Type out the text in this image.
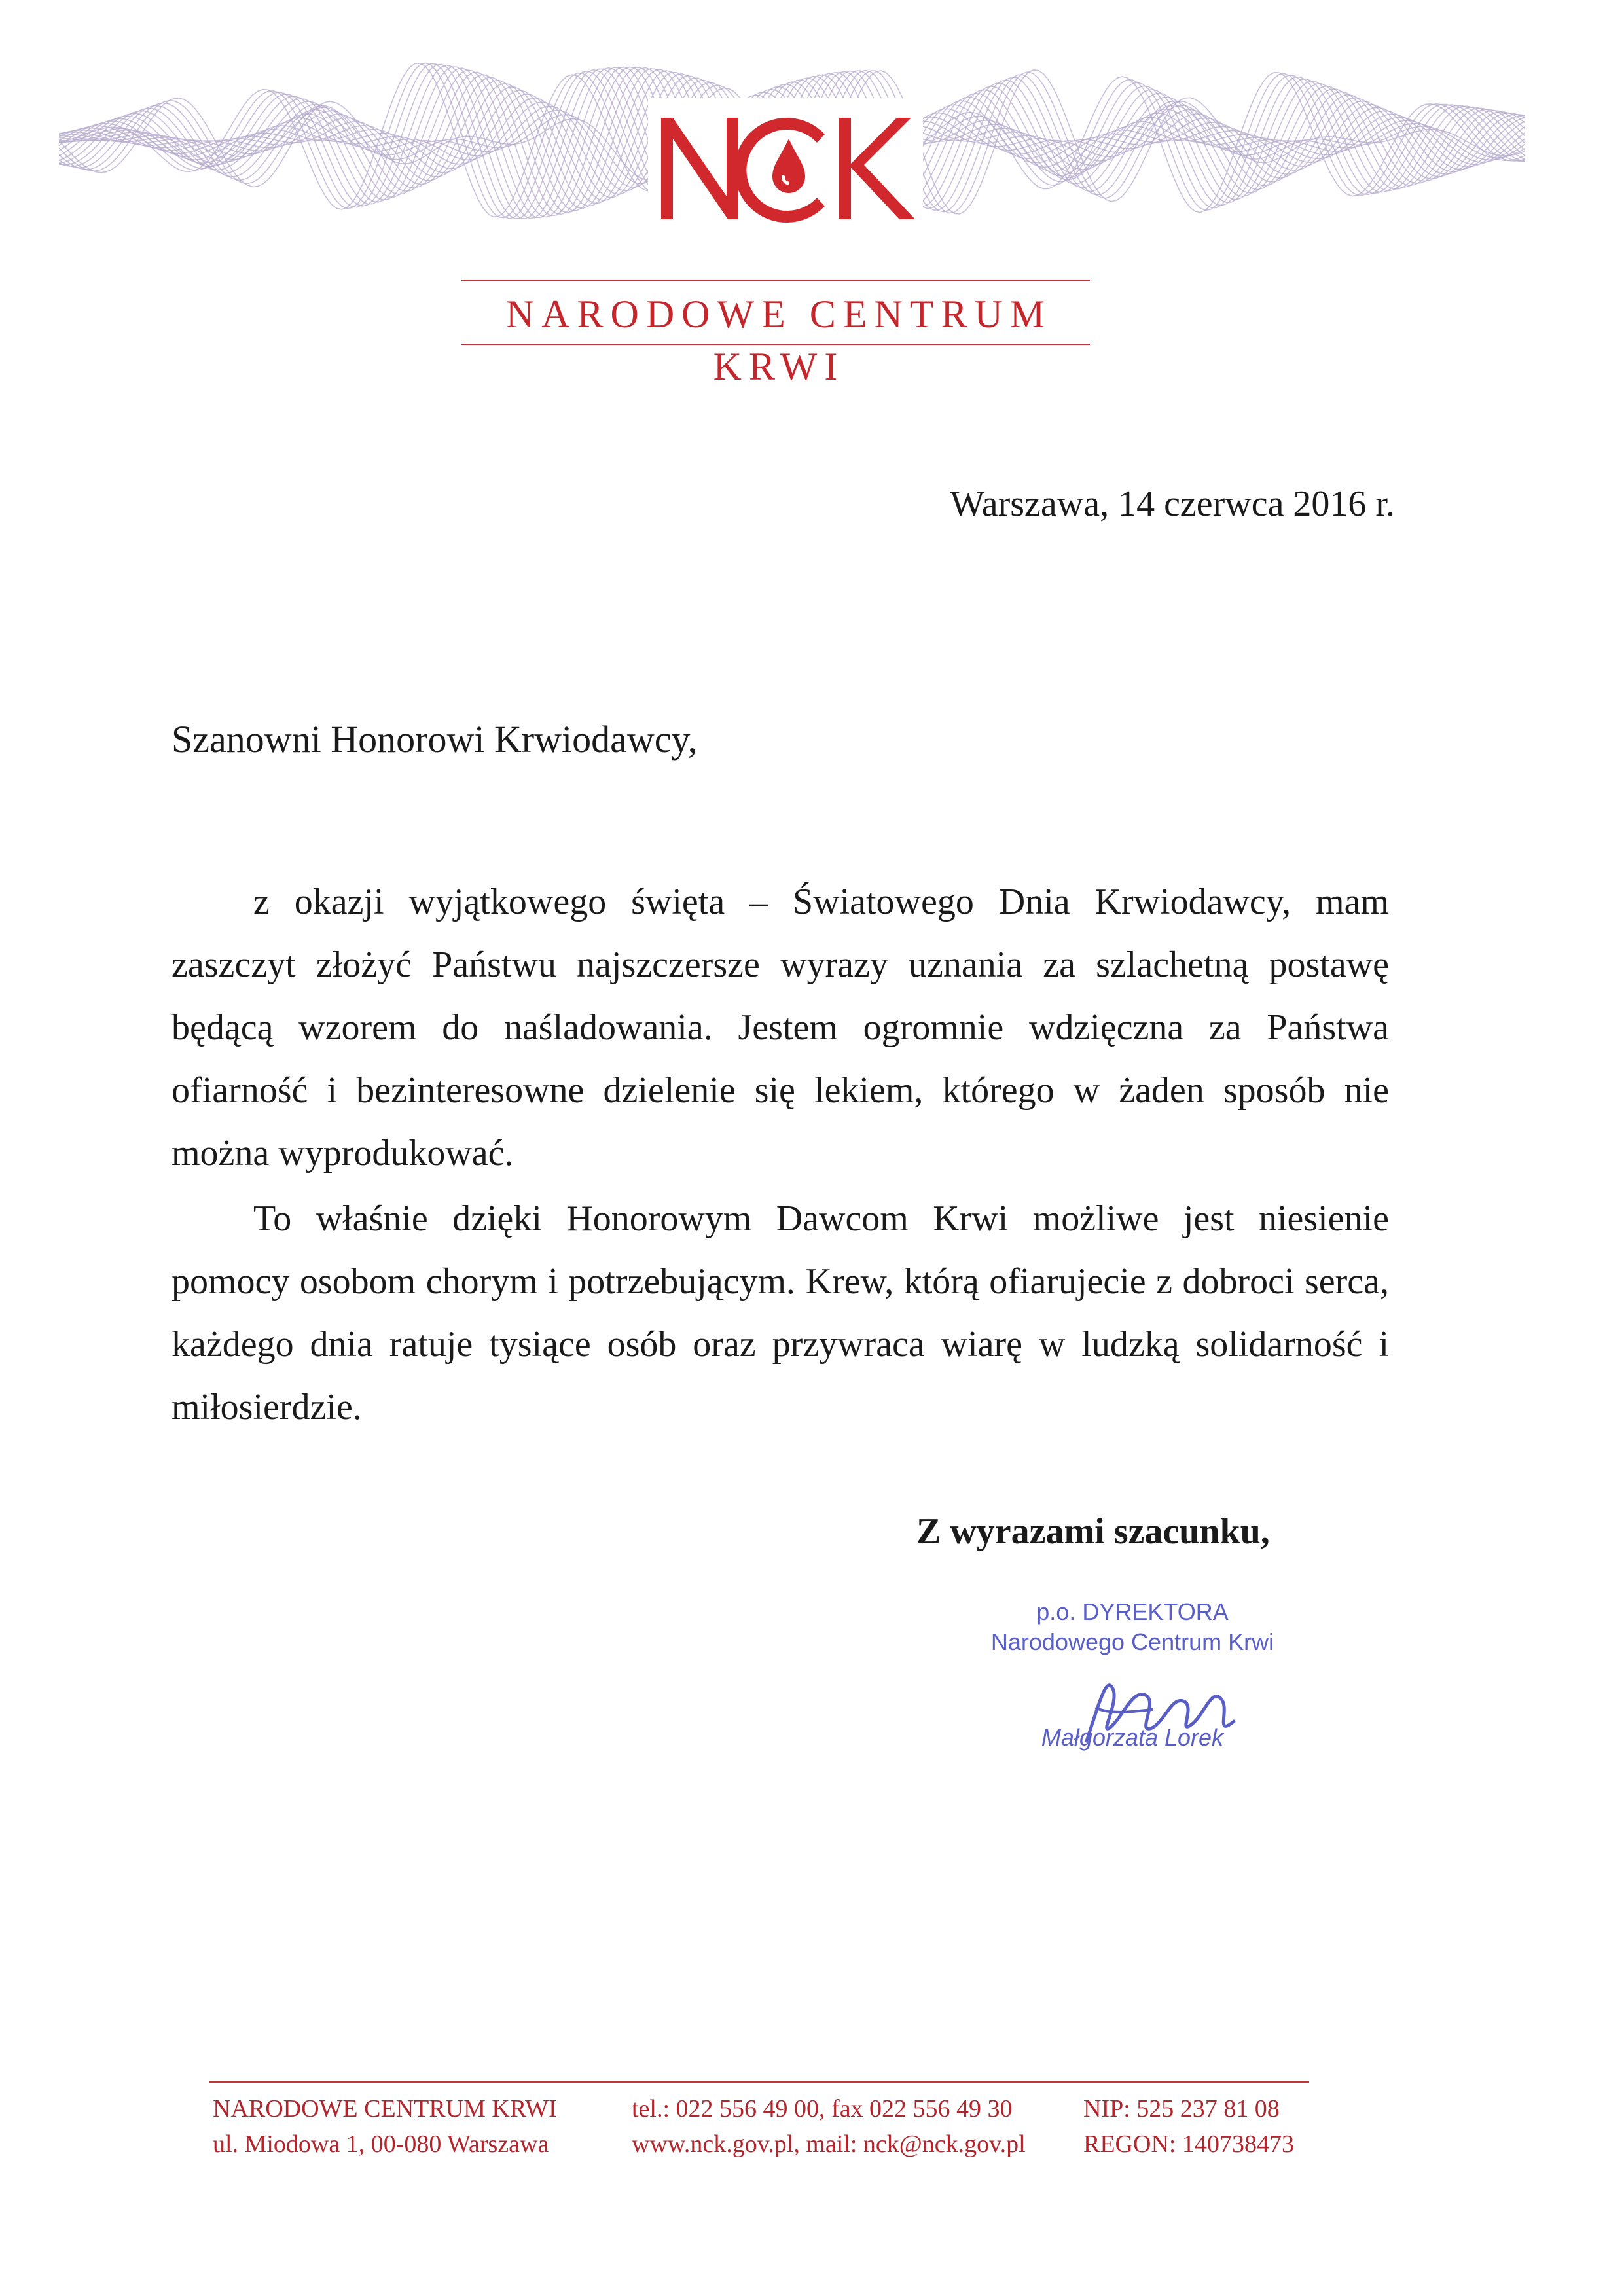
NARODOWE CENTRUM KRWI
Warszawa, 14 czerwca 2016 r.
Szanowni Honorowi Krwiodawcy,

z okazji wyjątkowego święta – Światowego Dnia Krwiodawcy, mam zaszczyt złożyć Państwu najszczersze wyrazy uznania za szlachetną postawę będącą wzorem do naśladowania. Jestem ogromnie wdzięczna za Państwa ofiarność i bezinteresowne dzielenie się lekiem, którego w żaden sposób nie można wyprodukować.

To właśnie dzięki Honorowym Dawcom Krwi możliwe jest niesienie pomocy osobom chorym i potrzebującym. Krew, którą ofiarujecie z dobroci serca, każdego dnia ratuje tysiące osób oraz przywraca wiarę w ludzką solidarność i miłosierdzie.

Z wyrazami szacunku,
p.o. DYREKTORA
Narodowego Centrum Krwi
Małgorzata Lorek
NARODOWE CENTRUM KRWI
ul. Miodowa 1, 00-080 Warszawa
tel.: 022 556 49 00, fax 022 556 49 30
www.nck.gov.pl, mail: nck@nck.gov.pl
NIP: 525 237 81 08
REGON: 140738473
